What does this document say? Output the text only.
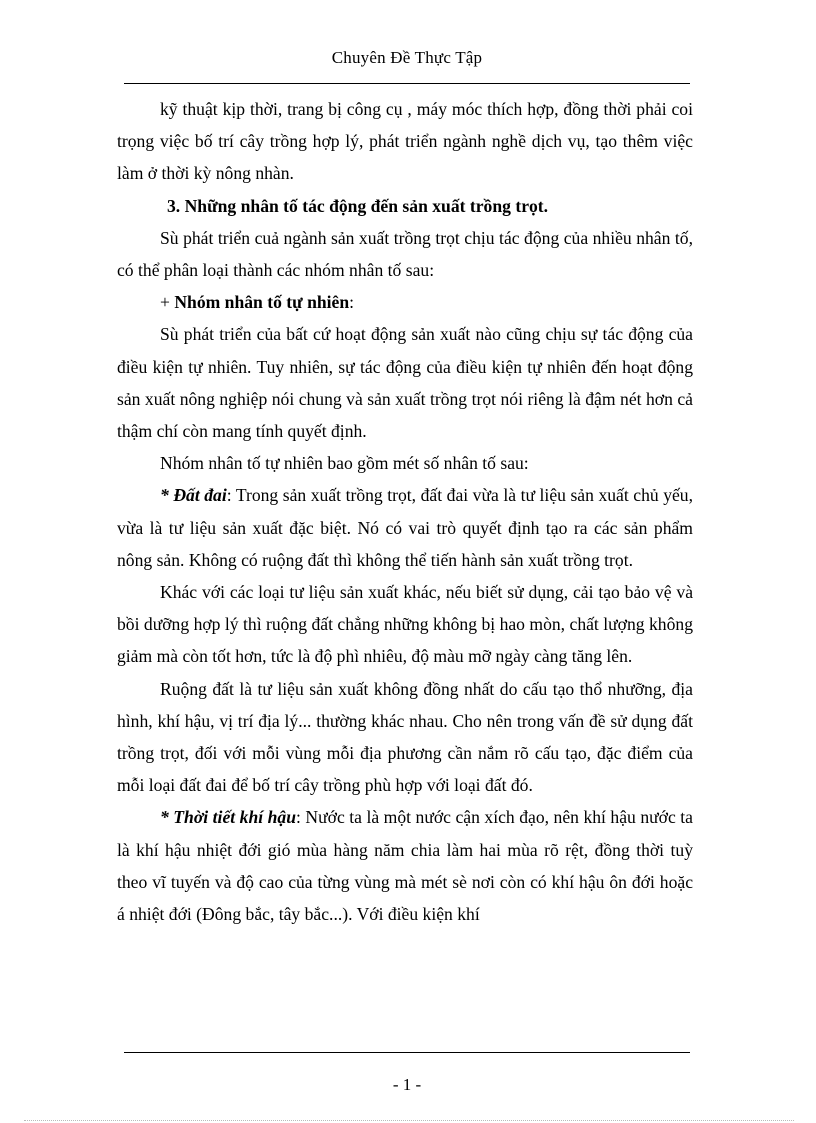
Chuyên Đề Thực Tập

kỹ thuật kịp thời, trang bị công cụ , máy móc thích hợp, đồng thời phải coi trọng việc bố trí cây trồng hợp lý, phát triển ngành nghề dịch vụ, tạo thêm việc làm ở thời kỳ nông nhàn.

3. Những nhân tố tác động đến sản xuất trồng trọt.

Sù phát triển cuả ngành sản xuất trồng trọt chịu tác động của nhiều nhân tố, có thể phân loại thành các nhóm nhân tố sau:

+ Nhóm nhân tố tự nhiên:

Sù phát triển của bất cứ hoạt động sản xuất nào cũng chịu sự tác động của điều kiện tự nhiên. Tuy nhiên, sự tác động của điều kiện tự nhiên đến hoạt động sản xuất nông nghiệp nói chung và sản xuất trồng trọt nói riêng là đậm nét hơn cả thậm chí còn mang tính quyết định.

Nhóm nhân tố tự nhiên bao gồm mét số nhân tố sau:

* Đất đai: Trong sản xuất trồng trọt, đất đai vừa là tư liệu sản xuất chủ yếu, vừa là tư liệu sản xuất đặc biệt. Nó có vai trò quyết định tạo ra các sản phẩm nông sản. Không có ruộng đất thì không thể tiến hành sản xuất trồng trọt.

Khác với các loại tư liệu sản xuất khác, nếu biết sử dụng, cải tạo bảo vệ và bồi dưỡng hợp lý thì ruộng đất chẳng những không bị hao mòn, chất lượng không giảm mà còn tốt hơn, tức là độ phì nhiêu, độ màu mỡ ngày càng tăng lên.

Ruộng đất là tư liệu sản xuất không đồng nhất do cấu tạo thổ nhưỡng, địa hình, khí hậu, vị trí địa lý... thường khác nhau. Cho nên trong vấn đề sử dụng đất trồng trọt, đối với mỗi vùng mỗi địa phương cần nắm rõ cấu tạo, đặc điểm của mỗi loại đất đai để bố trí cây trồng phù hợp với loại đất đó.

* Thời tiết khí hậu: Nước ta là một nước cận xích đạo, nên khí hậu nước ta là khí hậu nhiệt đới gió mùa hàng năm chia làm hai mùa rõ rệt, đồng thời tuỳ theo vĩ tuyến và độ cao của từng vùng mà mét sè nơi còn có khí hậu ôn đới hoặc á nhiệt đới (Đông bắc, tây bắc...). Với điều kiện khí

- 1 -
